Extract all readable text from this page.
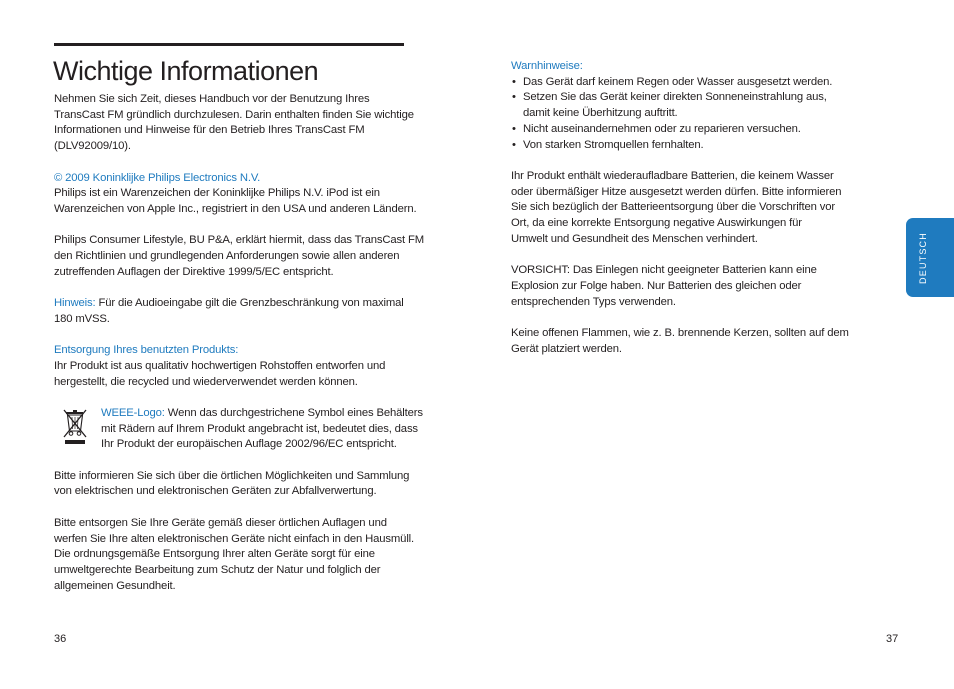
Wichtige Informationen
Nehmen Sie sich Zeit, dieses Handbuch vor der Benutzung Ihres
TransCast FM gründlich durchzulesen. Darin enthalten finden Sie wichtige
Informationen und Hinweise für den Betrieb Ihres TransCast FM
(DLV92009/10).
© 2009 Koninklijke Philips Electronics N.V.
Philips ist ein Warenzeichen der Koninklijke Philips N.V. iPod ist ein
Warenzeichen von Apple Inc., registriert in den USA und anderen Ländern.
Philips Consumer Lifestyle, BU P&A, erklärt hiermit, dass das TransCast FM
den Richtlinien und grundlegenden Anforderungen sowie allen anderen
zutreffenden Auflagen der Direktive 1999/5/EC entspricht.
Hinweis: Für die Audioeingabe gilt die Grenzbeschränkung von maximal
180 mVSS.
Entsorgung Ihres benutzten Produkts:
Ihr Produkt ist aus qualitativ hochwertigen Rohstoffen entworfen und
hergestellt, die recycled und wiederverwendet werden können.
WEEE-Logo: Wenn das durchgestrichene Symbol eines Behälters
mit Rädern auf Ihrem Produkt angebracht ist, bedeutet dies, dass
Ihr Produkt der europäischen Auflage 2002/96/EC entspricht.
Bitte informieren Sie sich über die örtlichen Möglichkeiten und Sammlung
von elektrischen und elektronischen Geräten zur Abfallverwertung.
Bitte entsorgen Sie Ihre Geräte gemäß dieser örtlichen Auflagen und
werfen Sie Ihre alten elektronischen Geräte nicht einfach in den Hausmüll.
Die ordnungsgemäße Entsorgung Ihrer alten Geräte sorgt für eine
umweltgerechte Bearbeitung zum Schutz der Natur und folglich der
allgemeinen Gesundheit.
Warnhinweise:
• Das Gerät darf keinem Regen oder Wasser ausgesetzt werden.
• Setzen Sie das Gerät keiner direkten Sonneneinstrahlung aus,
damit keine Überhitzung auftritt.
• Nicht auseinandernehmen oder zu reparieren versuchen.
• Von starken Stromquellen fernhalten.
Ihr Produkt enthält wiederaufladbare Batterien, die keinem Wasser
oder übermäßiger Hitze ausgesetzt werden dürfen. Bitte informieren
Sie sich bezüglich der Batterieentsorgung über die Vorschriften vor
Ort, da eine korrekte Entsorgung negative Auswirkungen für
Umwelt und Gesundheit des Menschen verhindert.
VORSICHT: Das Einlegen nicht geeigneter Batterien kann eine
Explosion zur Folge haben. Nur Batterien des gleichen oder
entsprechenden Typs verwenden.
Keine offenen Flammen, wie z. B. brennende Kerzen, sollten auf dem
Gerät platziert werden.
36	37
DEUTSCH
